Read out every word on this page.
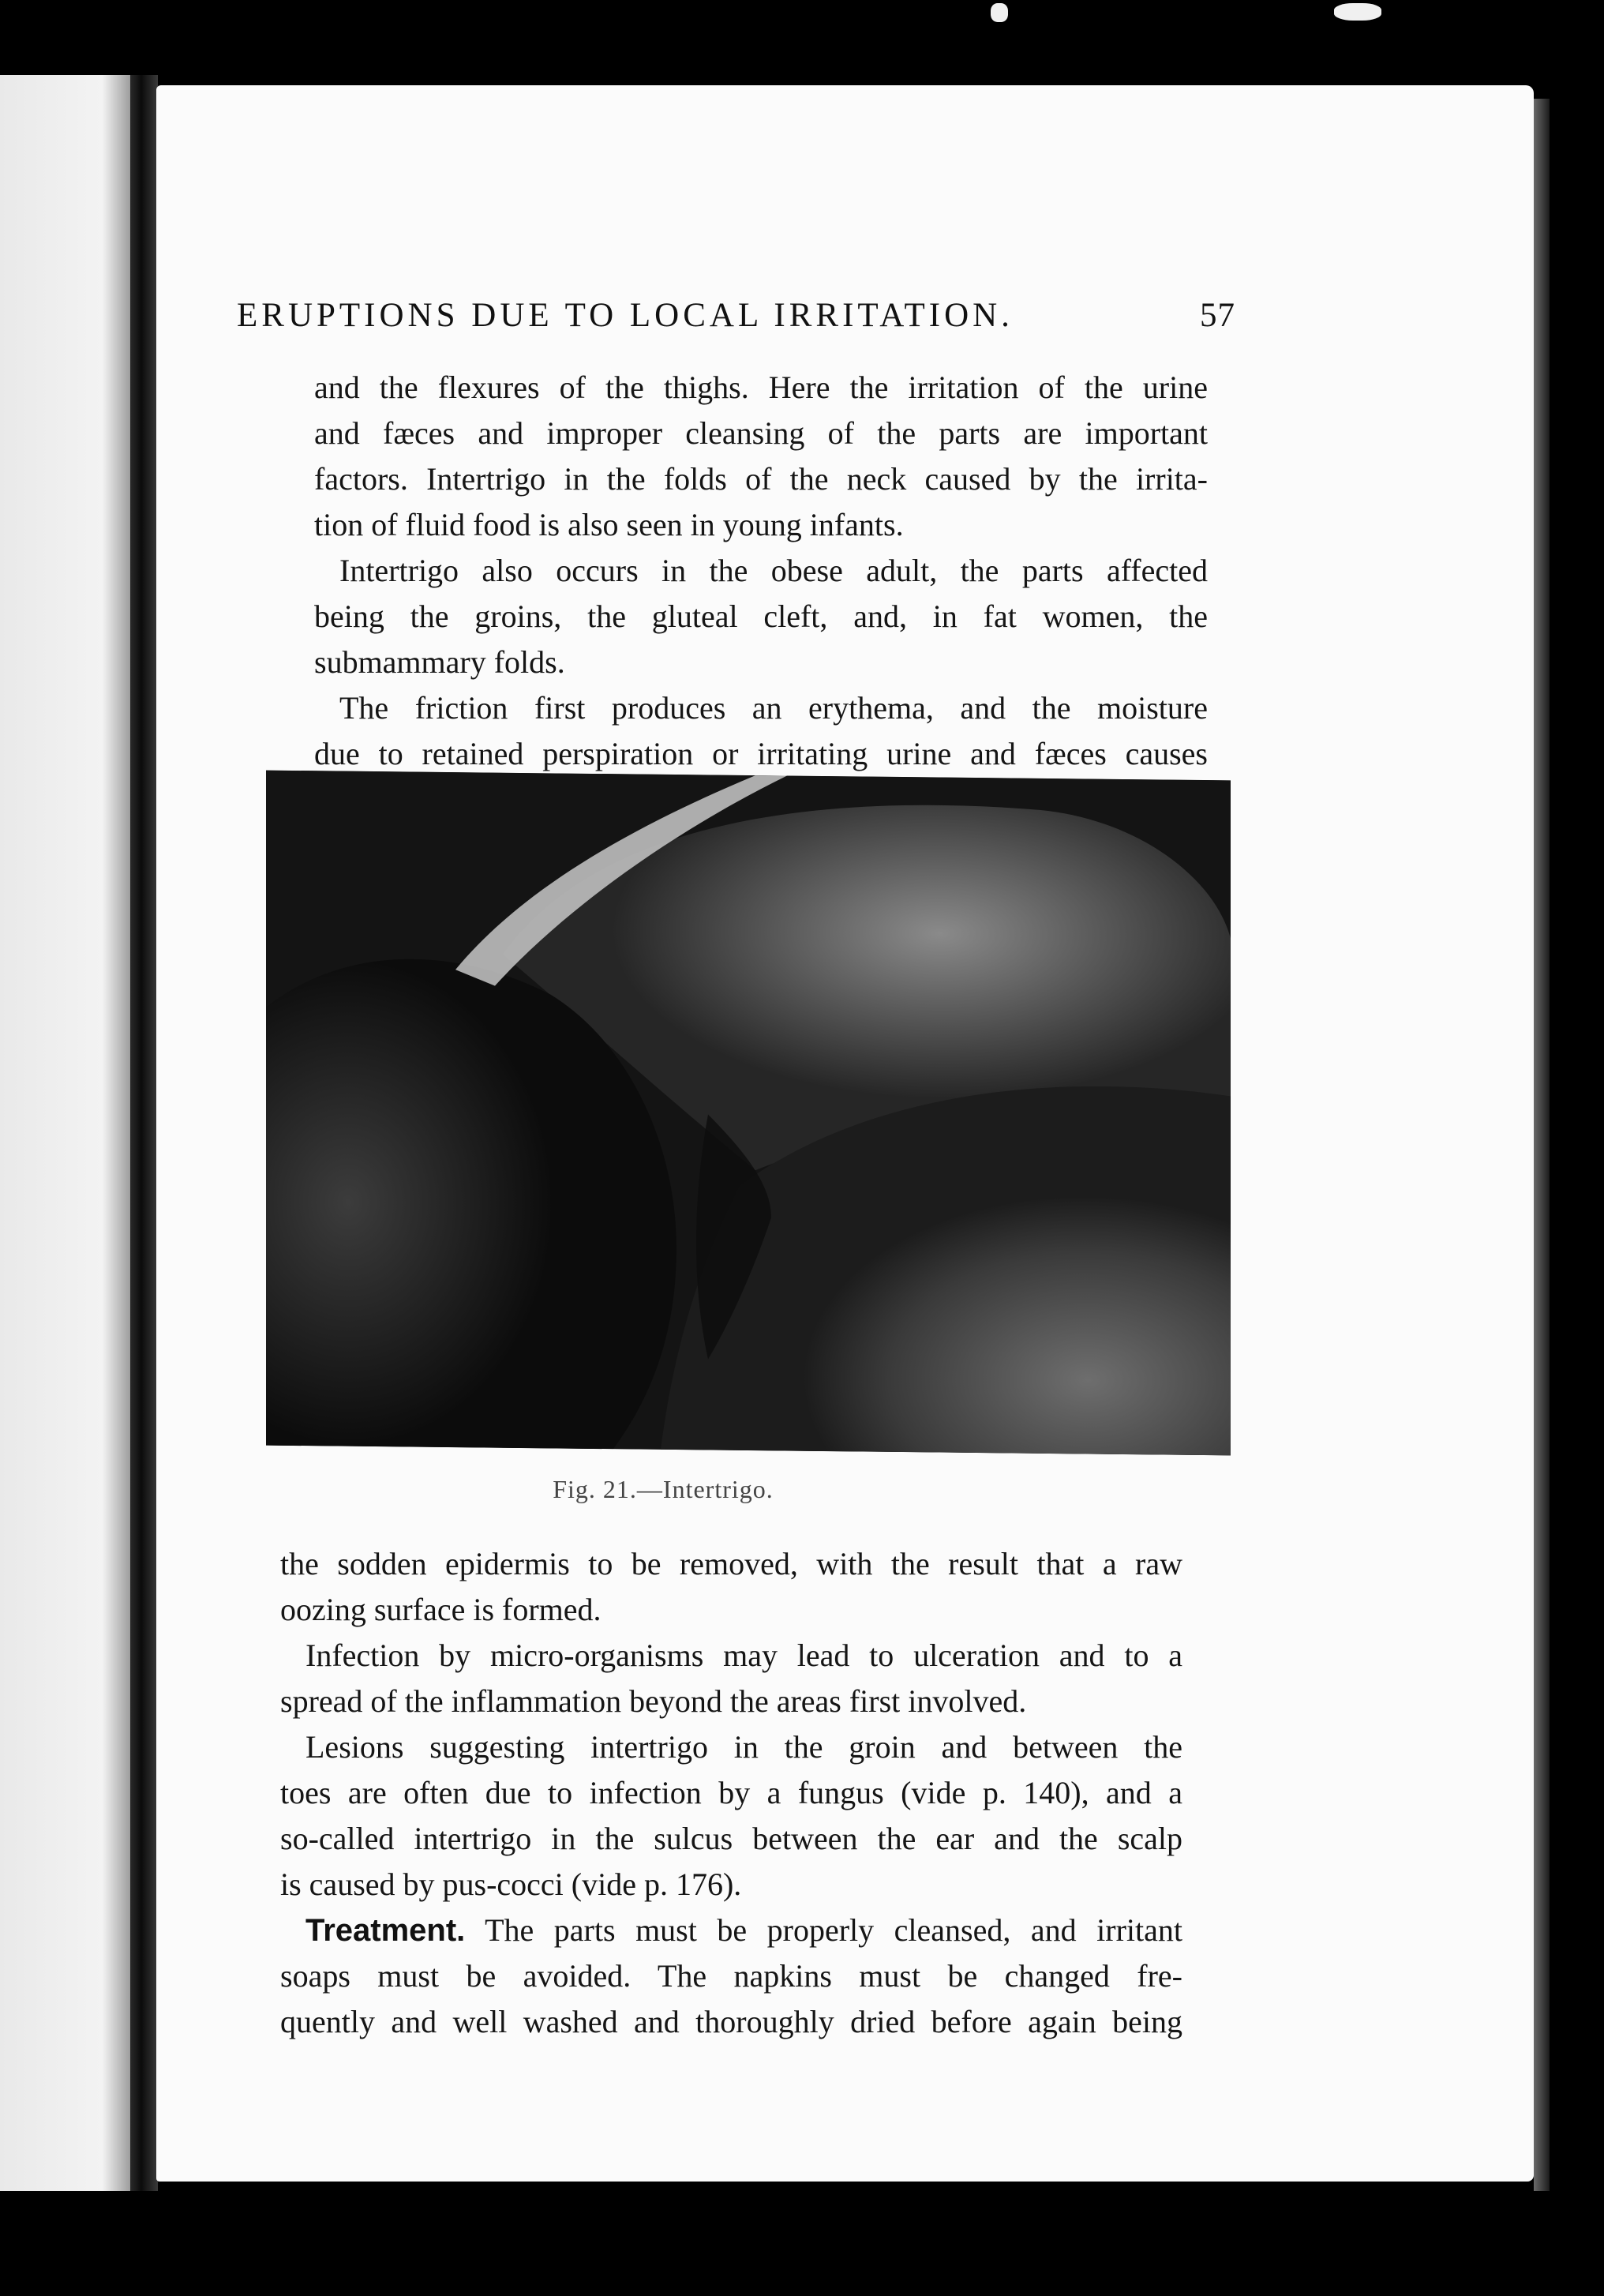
ERUPTIONS DUE TO LOCAL IRRITATION.	57
and the flexures of the thighs. Here the irritation of the urine
and fæces and improper cleansing of the parts are important
factors. Intertrigo in the folds of the neck caused by the irrita-
tion of fluid food is also seen in young infants.
Intertrigo also occurs in the obese adult, the parts affected
being the groins, the gluteal cleft, and, in fat women, the
submammary folds.
The friction first produces an erythema, and the moisture
due to retained perspiration or irritating urine and fæces causes
Fig. 21.—Intertrigo.
the sodden epidermis to be removed, with the result that a raw
oozing surface is formed.
Infection by micro-organisms may lead to ulceration and to a
spread of the inflammation beyond the areas first involved.
Lesions suggesting intertrigo in the groin and between the
toes are often due to infection by a fungus (vide p. 140), and a
so-called intertrigo in the sulcus between the ear and the scalp
is caused by pus-cocci (vide p. 176).
Treatment. The parts must be properly cleansed, and irritant
soaps must be avoided. The napkins must be changed fre-
quently and well washed and thoroughly dried before again being
